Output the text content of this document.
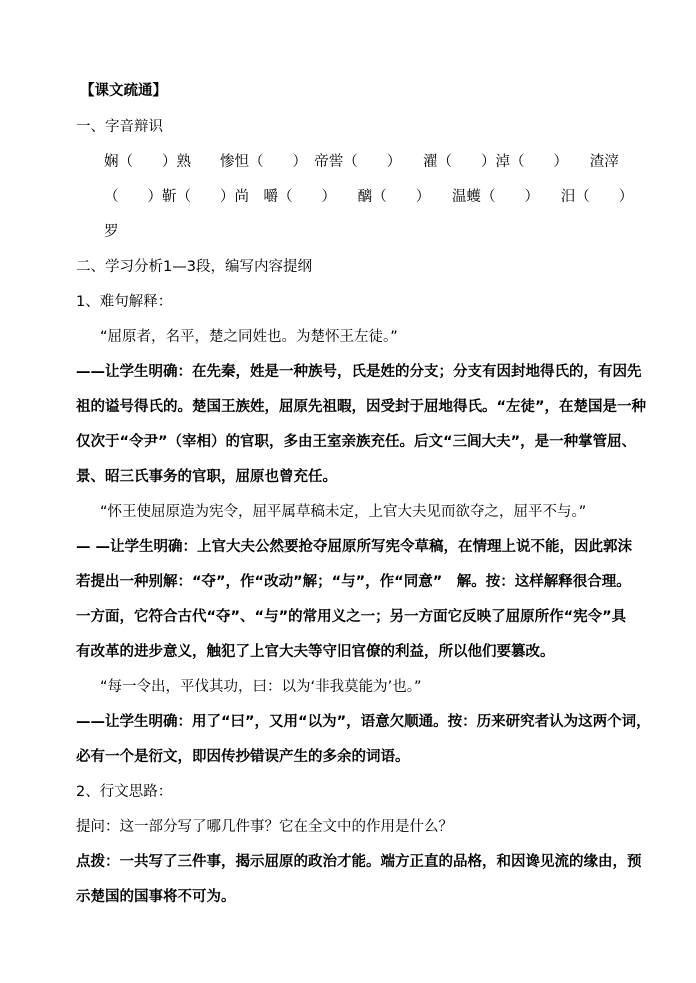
【课文疏通】
一、字音辩识
娴（　　）熟　　惨怛（　　）　帝喾（　　）　　濯（　　）淖（　　）　　渣滓
（　　）靳（　　）尚　嚼（　　）　　醨（　　）　　温蠖（　　）　　汨（　　）
罗
二、学习分析1—3段，编写内容提纲
1、难句解释：
“屈原者，名平，楚之同姓也。为楚怀王左徒。”
——让学生明确：在先秦，姓是一种族号，氏是姓的分支；分支有因封地得氏的，有因先
祖的谥号得氏的。楚国王族姓，屈原先祖暇，因受封于屈地得氏。“左徒”，在楚国是一种
仅次于“令尹”（宰相）的官职，多由王室亲族充任。后文“三闾大夫”，是一种掌管屈、
景、昭三氏事务的官职，屈原也曾充任。
“怀王使屈原造为宪令，屈平属草稿未定，上官大夫见而欲夺之，屈平不与。”
— —让学生明确：上官大夫公然要抢夺屈原所写宪令草稿，在情理上说不能，因此郭沫
若提出一种别解：“夺”，作“改动”解；“与”，作“同意”　解。按：这样解释很合理。
一方面，它符合古代“夺”、“与”的常用义之一；另一方面它反映了屈原所作“宪令”具
有改革的进步意义，触犯了上官大夫等守旧官僚的利益，所以他们要篡改。
“每一令出，平伐其功，曰：以为‘非我莫能为’也。”
——让学生明确：用了“曰”，又用“以为”，语意欠顺通。按：历来研究者认为这两个词，
必有一个是衍文，即因传抄错误产生的多余的词语。
2、行文思路：
提问：这一部分写了哪几件事？它在全文中的作用是什么？
点拨：一共写了三件事，揭示屈原的政治才能。端方正直的品格，和因谗见流的缘由，预
示楚国的国事将不可为。
